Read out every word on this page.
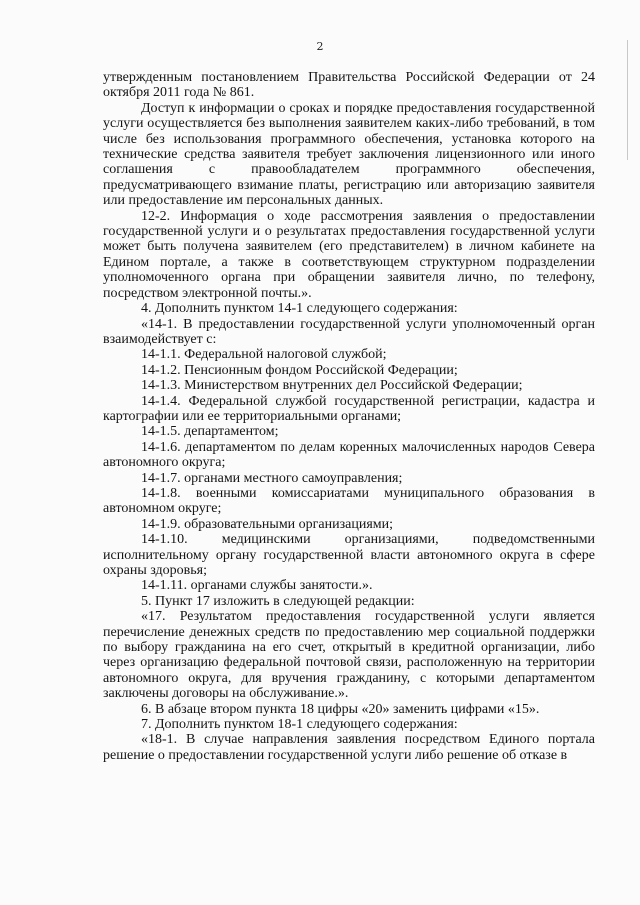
2

утвержденным постановлением Правительства Российской Федерации от 24 октября 2011 года № 861.

Доступ к информации о сроках и порядке предоставления государственной услуги осуществляется без выполнения заявителем каких-либо требований, в том числе без использования программного обеспечения, установка которого на технические средства заявителя требует заключения лицензионного или иного соглашения с правообладателем программного обеспечения, предусматривающего взимание платы, регистрацию или авторизацию заявителя или предоставление им персональных данных.

12-2. Информация о ходе рассмотрения заявления о предоставлении государственной услуги и о результатах предоставления государственной услуги может быть получена заявителем (его представителем) в личном кабинете на Едином портале, а также в соответствующем структурном подразделении уполномоченного органа при обращении заявителя лично, по телефону, посредством электронной почты.».

4. Дополнить пунктом 14-1 следующего содержания:

«14-1. В предоставлении государственной услуги уполномоченный орган взаимодействует с:

14-1.1. Федеральной налоговой службой;

14-1.2. Пенсионным фондом Российской Федерации;

14-1.3. Министерством внутренних дел Российской Федерации;

14-1.4. Федеральной службой государственной регистрации, кадастра и картографии или ее территориальными органами;

14-1.5. департаментом;

14-1.6. департаментом по делам коренных малочисленных народов Севера автономного округа;

14-1.7. органами местного самоуправления;

14-1.8. военными комиссариатами муниципального образования в автономном округе;

14-1.9. образовательными организациями;

14-1.10. медицинскими организациями, подведомственными исполнительному органу государственной власти автономного округа в сфере охраны здоровья;

14-1.11. органами службы занятости.».

5. Пункт 17 изложить в следующей редакции:

«17. Результатом предоставления государственной услуги является перечисление денежных средств по предоставлению мер социальной поддержки по выбору гражданина на его счет, открытый в кредитной организации, либо через организацию федеральной почтовой связи, расположенную на территории автономного округа, для вручения гражданину, с которыми департаментом заключены договоры на обслуживание.».

6. В абзаце втором пункта 18 цифры «20» заменить цифрами «15».

7. Дополнить пунктом 18-1 следующего содержания:

«18-1. В случае направления заявления посредством Единого портала решение о предоставлении государственной услуги либо решение об отказе в
